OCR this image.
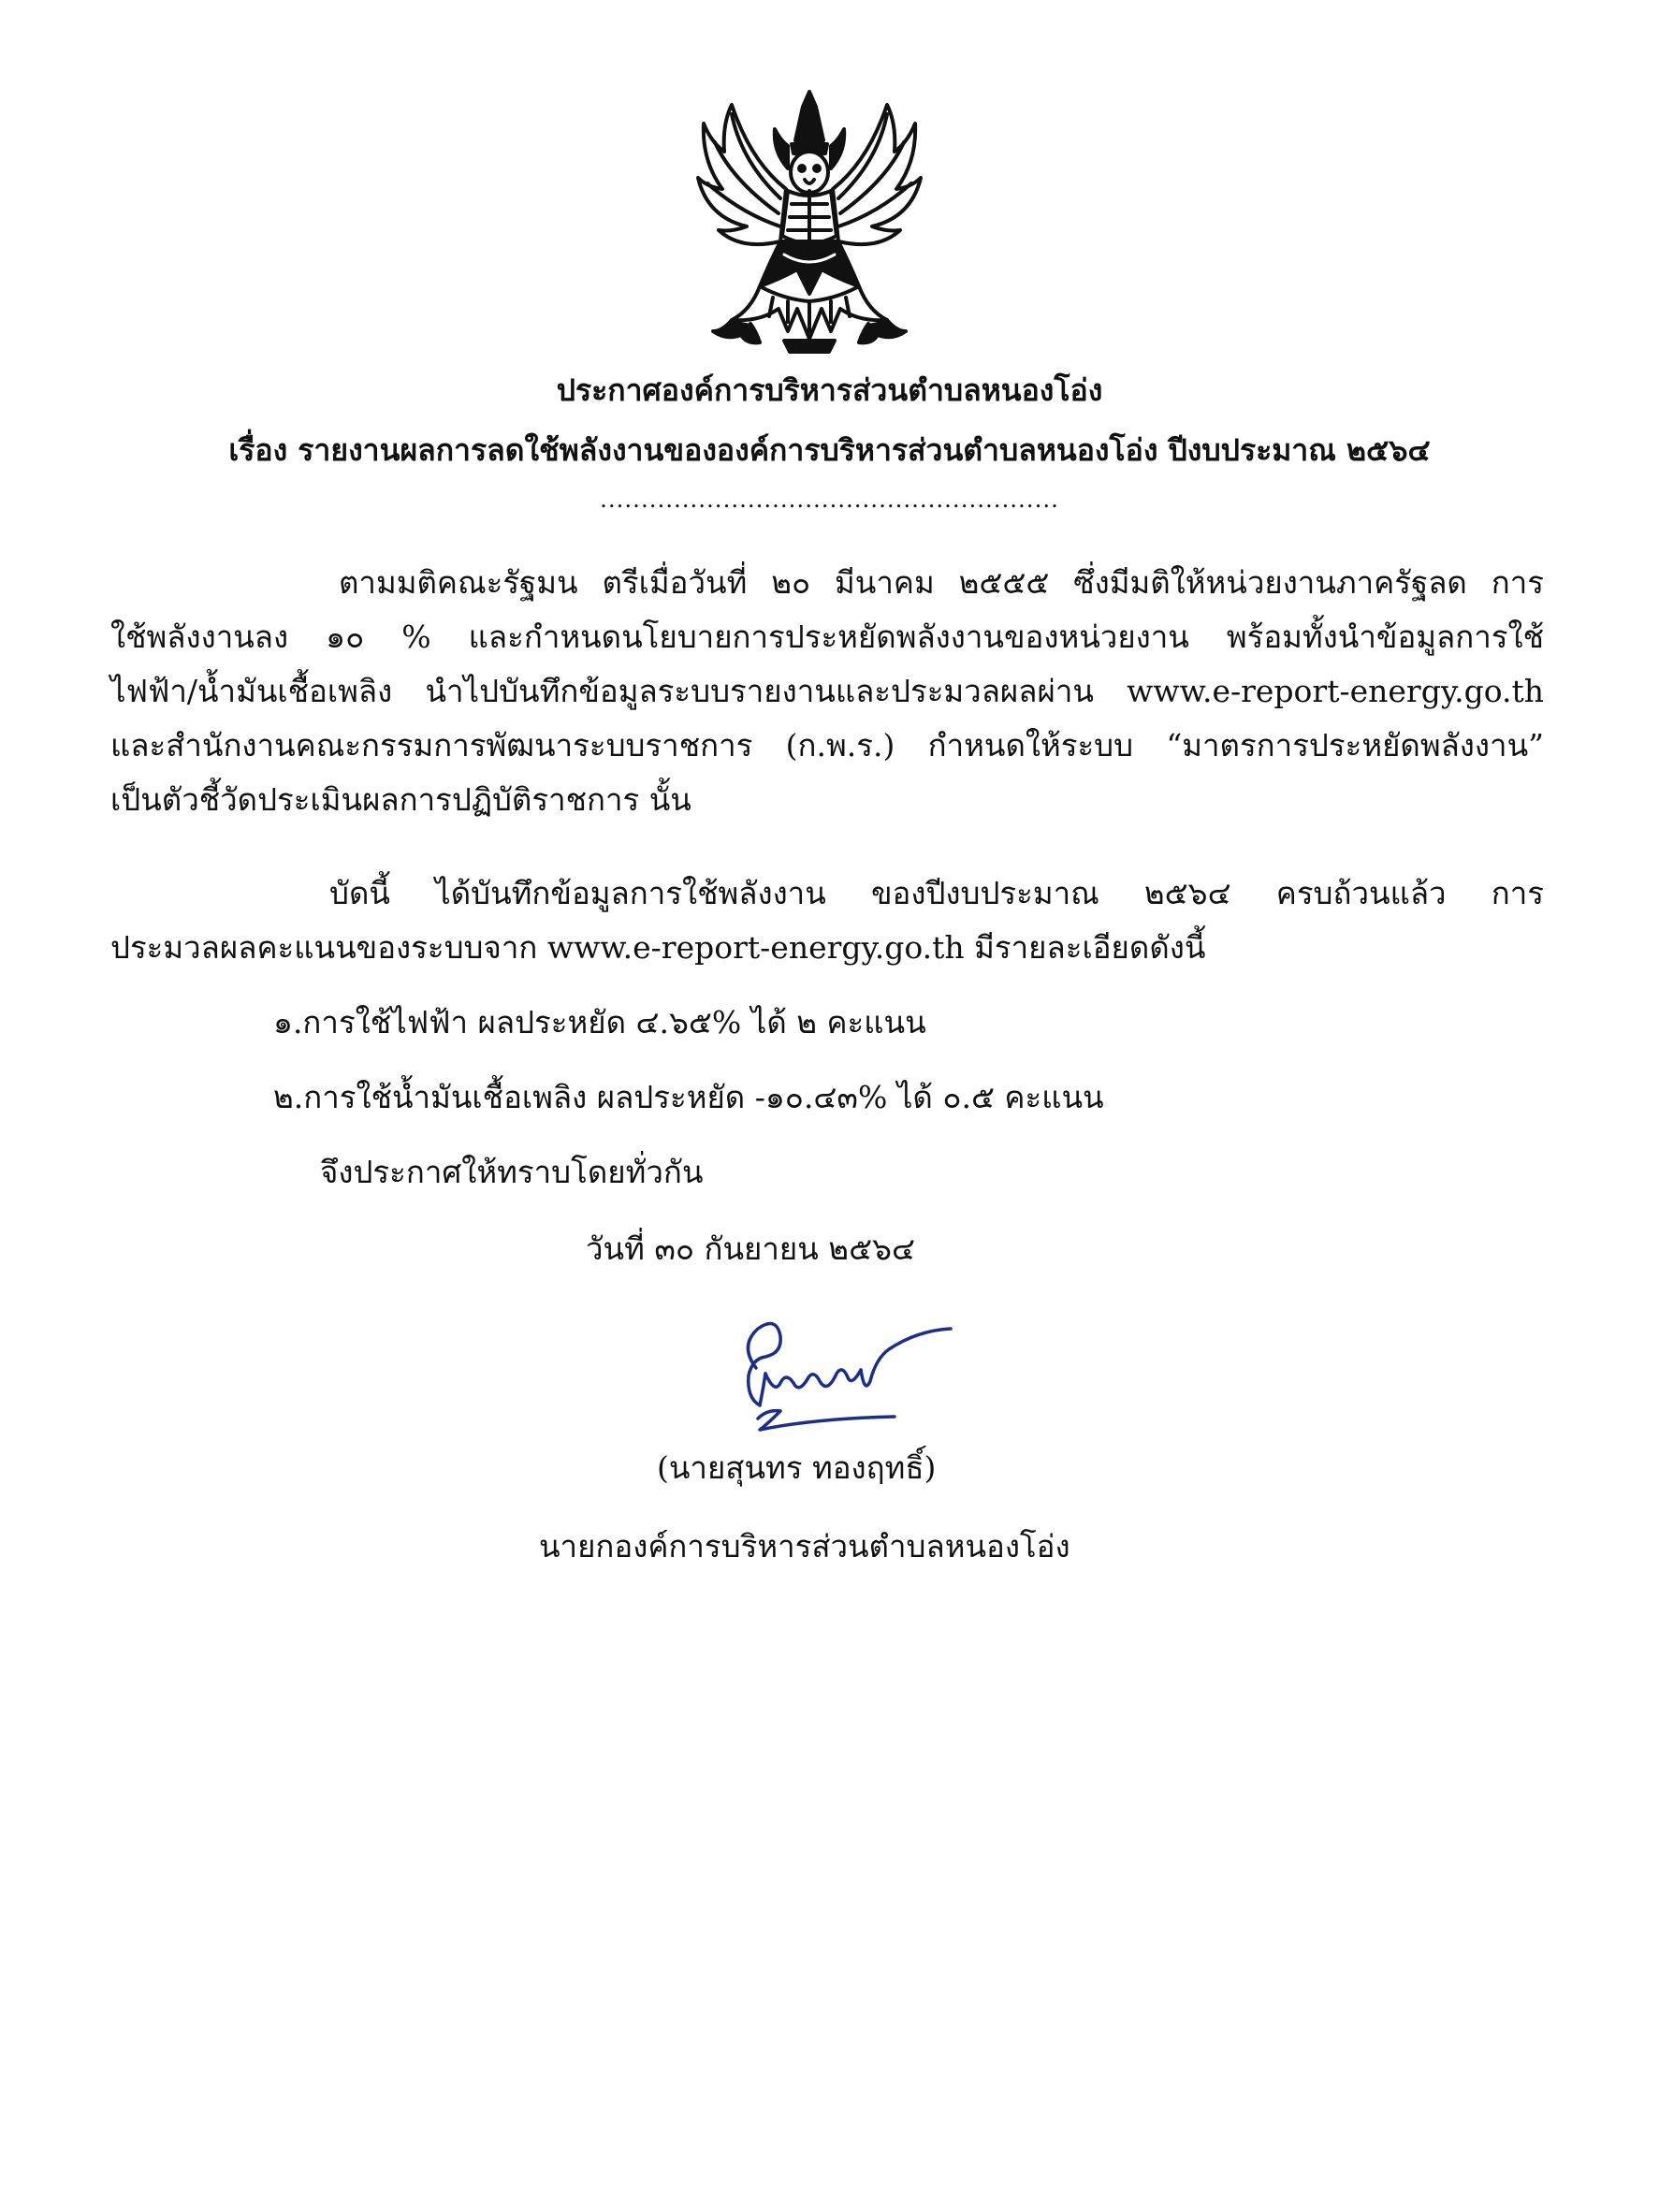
ประกาศองค์การบริหารส่วนตำบลหนองโอ่ง
เรื่อง รายงานผลการลดใช้พลังงานขององค์การบริหารส่วนตำบลหนองโอ่ง ปีงบประมาณ ๒๕๖๔
........................................................
ตามมติคณะรัฐมน ตรีเมื่อวันที่ ๒๐ มีนาคม ๒๕๕๕ ซึ่งมีมติให้หน่วยงานภาครัฐลด การ
ใช้พลังงานลง ๑๐ % และกำหนดนโยบายการประหยัดพลังงานของหน่วยงาน พร้อมทั้งนำข้อมูลการใช้
ไฟฟ้า/น้ำมันเชื้อเพลิง นำไปบันทึกข้อมูลระบบรายงานและประมวลผลผ่าน www.e-report-energy.go.th
และสำนักงานคณะกรรมการพัฒนาระบบราชการ (ก.พ.ร.) กำหนดให้ระบบ “มาตรการประหยัดพลังงาน”
เป็นตัวชี้วัดประเมินผลการปฏิบัติราชการ นั้น
บัดนี้ ได้บันทึกข้อมูลการใช้พลังงาน ของปีงบประมาณ ๒๕๖๔ ครบถ้วนแล้ว การ
ประมวลผลคะแนนของระบบจาก www.e-report-energy.go.th มีรายละเอียดดังนี้
๑.การใช้ไฟฟ้า ผลประหยัด ๔.๖๕% ได้ ๒ คะแนน
๒.การใช้น้ำมันเชื้อเพลิง ผลประหยัด -๑๐.๔๓% ได้ ๐.๕ คะแนน
จึงประกาศให้ทราบโดยทั่วกัน
วันที่ ๓๐ กันยายน ๒๕๖๔
(นายสุนทร ทองฤทธิ์)
นายกองค์การบริหารส่วนตำบลหนองโอ่ง
